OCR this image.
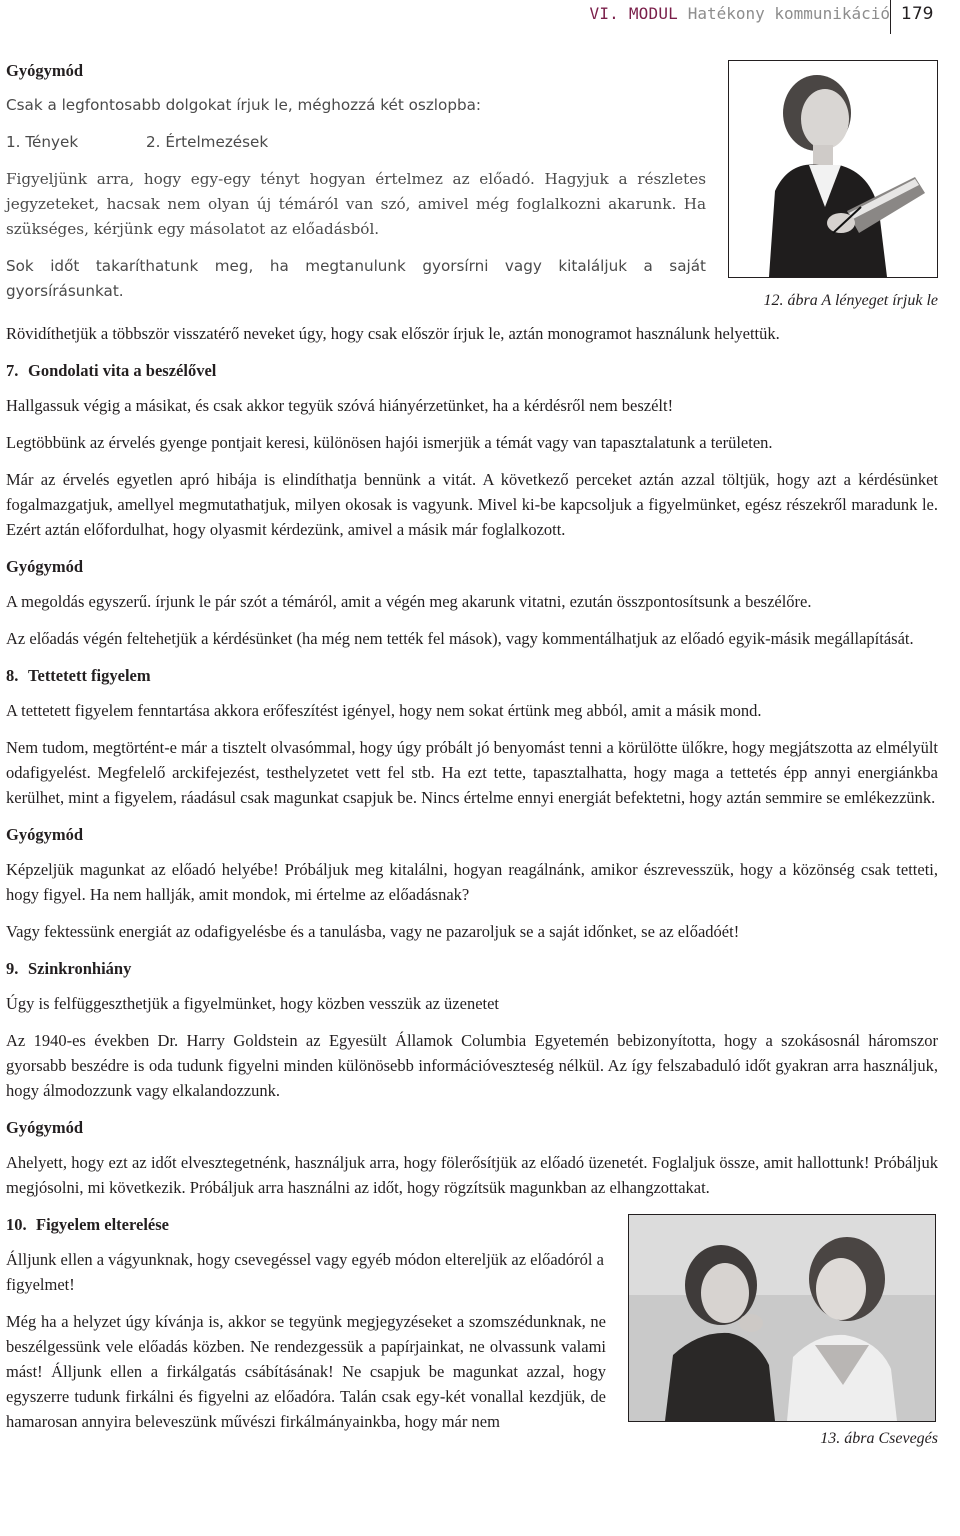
VI. MODUL Hatékony kommunikáció 179
12. ábra A lényeget írjuk le

Gyógymód

Csak a legfontosabb dolgokat írjuk le, méghozzá két oszlopba:

1. Tények	2. Értelmezések

Figyeljünk arra, hogy egy-egy tényt hogyan értelmez az előadó. Hagyjuk a részletes jegyzeteket, hacsak nem olyan új témáról van szó, amivel még foglalkozni akarunk. Ha szükséges, kérjünk egy másolatot az előadásból.

Sok időt takaríthatunk meg, ha megtanulunk gyorsírni vagy kitaláljuk a saját gyorsírásunkat.

Rövidíthetjük a többször visszatérő neveket úgy, hogy csak először írjuk le, aztán monogramot használunk helyettük.

7. Gondolati vita a beszélővel

Hallgassuk végig a másikat, és csak akkor tegyük szóvá hiányérzetünket, ha a kérdésről nem beszélt!

Legtöbbünk az érvelés gyenge pontjait keresi, különösen hajói ismerjük a témát vagy van tapasztalatunk a területen.

Már az érvelés egyetlen apró hibája is elindíthatja bennünk a vitát. A következő perceket aztán azzal töltjük, hogy azt a kérdésünket fogalmazgatjuk, amellyel megmutathatjuk, milyen okosak is vagyunk. Mivel ki-be kapcsoljuk a figyelmünket, egész részekről maradunk le. Ezért aztán előfordulhat, hogy olyasmit kérdezünk, amivel a másik már foglalkozott.

Gyógymód

A megoldás egyszerű. írjunk le pár szót a témáról, amit a végén meg akarunk vitatni, ezután összpontosítsunk a beszélőre.

Az előadás végén feltehetjük a kérdésünket (ha még nem tették fel mások), vagy kommentálhatjuk az előadó egyik-másik megállapítását.

8. Tettetett figyelem

A tettetett figyelem fenntartása akkora erőfeszítést igényel, hogy nem sokat értünk meg abból, amit a másik mond.

Nem tudom, megtörtént-e már a tisztelt olvasómmal, hogy úgy próbált jó benyomást tenni a körülötte ülőkre, hogy megjátszotta az elmélyült odafigyelést. Megfelelő arckifejezést, testhelyzetet vett fel stb. Ha ezt tette, tapasztalhatta, hogy maga a tettetés épp annyi energiánkba kerülhet, mint a figyelem, ráadásul csak magunkat csapjuk be. Nincs értelme ennyi energiát befektetni, hogy aztán semmire se emlékezzünk.

Gyógymód

Képzeljük magunkat az előadó helyébe! Próbáljuk meg kitalálni, hogyan reagálnánk, amikor észrevesszük, hogy a közönség csak tetteti, hogy figyel. Ha nem hallják, amit mondok, mi értelme az előadásnak?

Vagy fektessünk energiát az odafigyelésbe és a tanulásba, vagy ne pazaroljuk se a saját időnket, se az előadóét!

9. Szinkronhiány

Úgy is felfüggeszthetjük a figyelmünket, hogy közben vesszük az üzenetet

Az 1940-es években Dr. Harry Goldstein az Egyesült Államok Columbia Egyetemén bebizonyította, hogy a szokásosnál háromszor gyorsabb beszédre is oda tudunk figyelni minden különösebb információveszteség nélkül. Az így felszabaduló időt gyakran arra használjuk, hogy álmodozzunk vagy elkalandozzunk.

Gyógymód

Ahelyett, hogy ezt az időt elvesztegetnénk, használjuk arra, hogy fölerősítjük az előadó üzenetét. Foglaljuk össze, amit hallottunk! Próbáljuk megjósolni, mi következik. Próbáljuk arra használni az időt, hogy rögzítsük magunkban az elhangzottakat.

13. ábra Csevegés

10. Figyelem elterelése

Álljunk ellen a vágyunknak, hogy csevegéssel vagy egyéb módon eltereljük az előadóról a figyelmet!

Még ha a helyzet úgy kívánja is, akkor se tegyünk megjegyzéseket a szomszédunknak, ne beszélgessünk vele előadás közben. Ne rendezgessük a papírjainkat, ne olvassunk valami mást! Álljunk ellen a firkálgatás csábításának! Ne csapjuk be magunkat azzal, hogy egyszerre tudunk firkálni és figyelni az előadóra. Talán csak egy-két vonallal kezdjük, de hamarosan annyira beleveszünk művészi firkálmányainkba, hogy már nem
